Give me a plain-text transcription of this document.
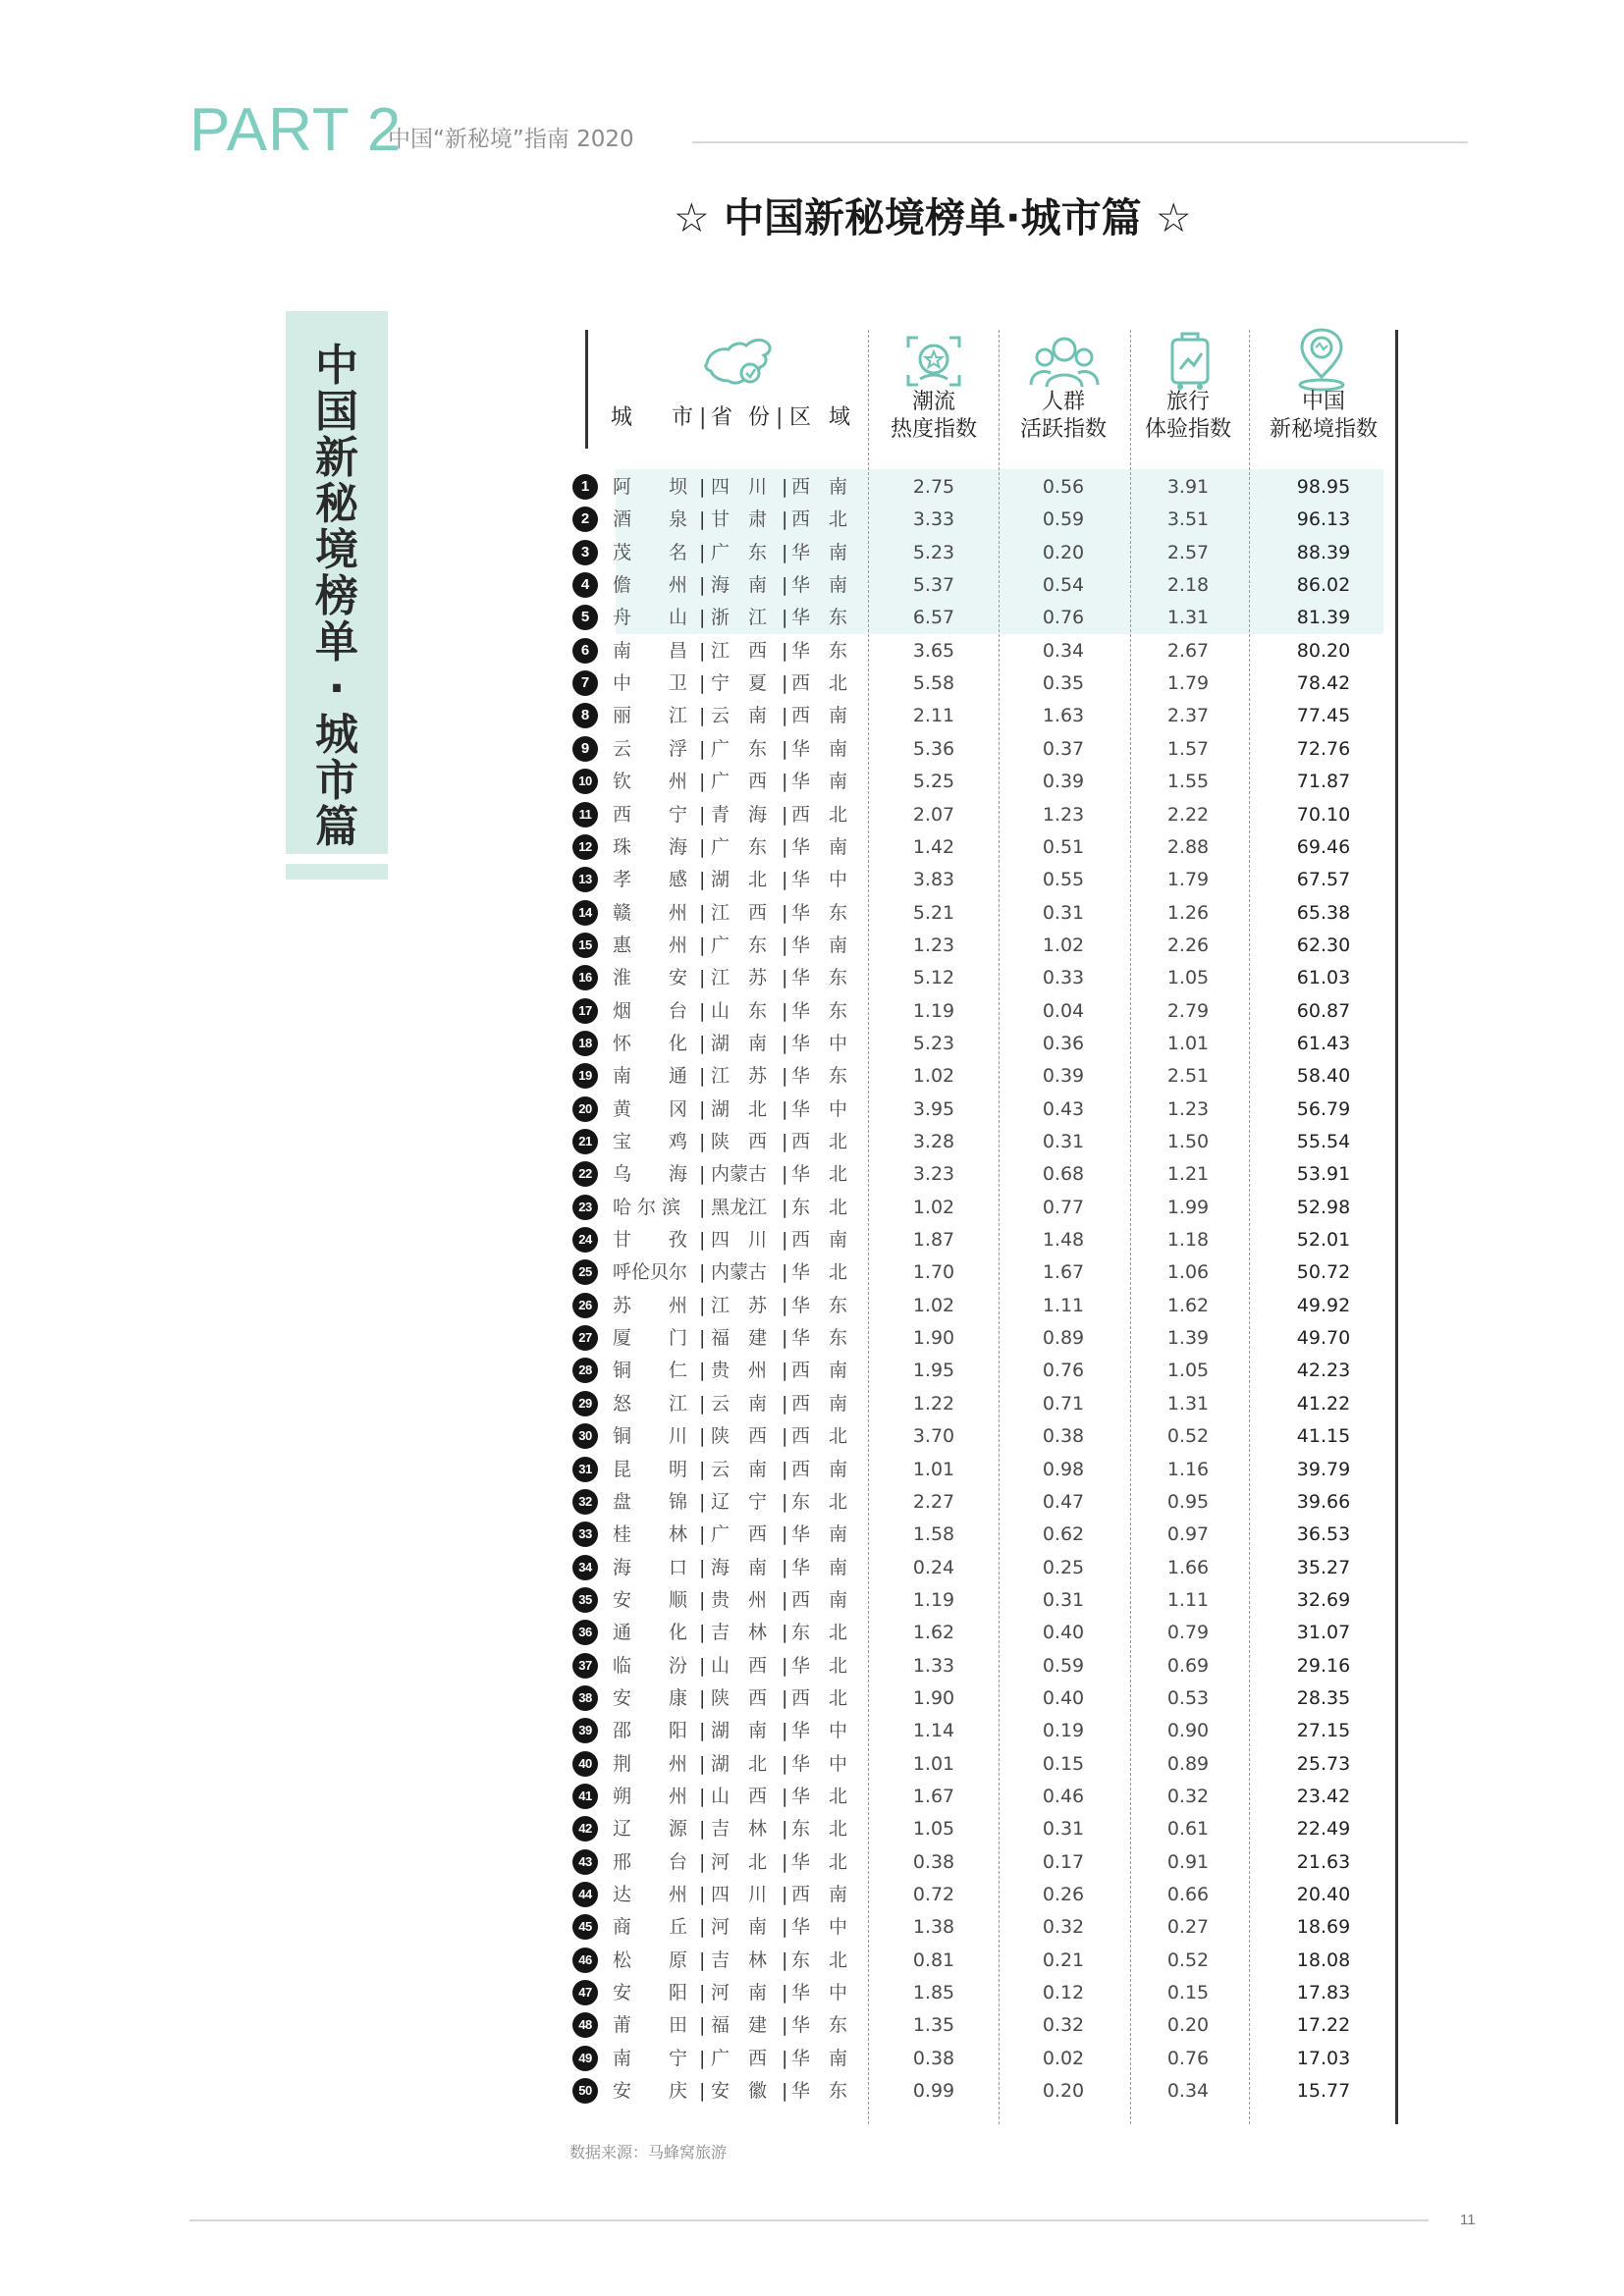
PART 2
中国“新秘境”指南 2020
☆ 中国新秘境榜单·城市篇 ☆
中
国
新
秘
境
榜
单
·
城
市
篇
城 市 | 省 份 | 区 域
潮流
热度指数
人群
活跃指数
旅行
体验指数
中国
新秘境指数
1	阿　　坝	四　川	西　南	2.75	0.56	3.91	98.95
|	|
2	酒　　泉	甘　肃	西　北	3.33	0.59	3.51	96.13
|	|
3	茂　　名	广　东	华　南	5.23	0.20	2.57	88.39
|	|
4	儋　　州	海　南	华　南	5.37	0.54	2.18	86.02
|	|
5	舟　　山	浙　江	华　东	6.57	0.76	1.31	81.39
|	|
6	南　　昌	江　西	华　东	3.65	0.34	2.67	80.20
|	|
7	中　　卫	宁　夏	西　北	5.58	0.35	1.79	78.42
|	|
8	丽　　江	云　南	西　南	2.11	1.63	2.37	77.45
|	|
9	云　　浮	广　东	华　南	5.36	0.37	1.57	72.76
|	|
10	钦　　州	广　西	华　南	5.25	0.39	1.55	71.87
|	|
11	西　　宁	青　海	西　北	2.07	1.23	2.22	70.10
|	|
12	珠　　海	广　东	华　南	1.42	0.51	2.88	69.46
|	|
13	孝　　感	湖　北	华　中	3.83	0.55	1.79	67.57
|	|
14	赣　　州	江　西	华　东	5.21	0.31	1.26	65.38
|	|
15	惠　　州	广　东	华　南	1.23	1.02	2.26	62.30
|	|
16	淮　　安	江　苏	华　东	5.12	0.33	1.05	61.03
|	|
17	烟　　台	山　东	华　东	1.19	0.04	2.79	60.87
|	|
18	怀　　化	湖　南	华　中	5.23	0.36	1.01	61.43
|	|
19	南　　通	江　苏	华　东	1.02	0.39	2.51	58.40
|	|
20	黄　　冈	湖　北	华　中	3.95	0.43	1.23	56.79
|	|
21	宝　　鸡	陕　西	西　北	3.28	0.31	1.50	55.54
|	|
22	乌　　海	内蒙古	华　北	3.23	0.68	1.21	53.91
|	|
23	哈 尔 滨	黑龙江	东　北	1.02	0.77	1.99	52.98
|	|
24	甘　　孜	四　川	西　南	1.87	1.48	1.18	52.01
|	|
25	呼伦贝尔	内蒙古	华　北	1.70	1.67	1.06	50.72
|	|
26	苏　　州	江　苏	华　东	1.02	1.11	1.62	49.92
|	|
27	厦　　门	福　建	华　东	1.90	0.89	1.39	49.70
|	|
28	铜　　仁	贵　州	西　南	1.95	0.76	1.05	42.23
|	|
29	怒　　江	云　南	西　南	1.22	0.71	1.31	41.22
|	|
30	铜　　川	陕　西	西　北	3.70	0.38	0.52	41.15
|	|
31	昆　　明	云　南	西　南	1.01	0.98	1.16	39.79
|	|
32	盘　　锦	辽　宁	东　北	2.27	0.47	0.95	39.66
|	|
33	桂　　林	广　西	华　南	1.58	0.62	0.97	36.53
|	|
34	海　　口	海　南	华　南	0.24	0.25	1.66	35.27
|	|
35	安　　顺	贵　州	西　南	1.19	0.31	1.11	32.69
|	|
36	通　　化	吉　林	东　北	1.62	0.40	0.79	31.07
|	|
37	临　　汾	山　西	华　北	1.33	0.59	0.69	29.16
|	|
38	安　　康	陕　西	西　北	1.90	0.40	0.53	28.35
|	|
39	邵　　阳	湖　南	华　中	1.14	0.19	0.90	27.15
|	|
40	荆　　州	湖　北	华　中	1.01	0.15	0.89	25.73
|	|
41	朔　　州	山　西	华　北	1.67	0.46	0.32	23.42
|	|
42	辽　　源	吉　林	东　北	1.05	0.31	0.61	22.49
|	|
43	邢　　台	河　北	华　北	0.38	0.17	0.91	21.63
|	|
44	达　　州	四　川	西　南	0.72	0.26	0.66	20.40
|	|
45	商　　丘	河　南	华　中	1.38	0.32	0.27	18.69
|	|
46	松　　原	吉　林	东　北	0.81	0.21	0.52	18.08
|	|
47	安　　阳	河　南	华　中	1.85	0.12	0.15	17.83
|	|
48	莆　　田	福　建	华　东	1.35	0.32	0.20	17.22
|	|
49	南　　宁	广　西	华　南	0.38	0.02	0.76	17.03
|	|
50	安　　庆	安　徽	华　东	0.99	0.20	0.34	15.77
|	|
数据来源：马蜂窝旅游
11
